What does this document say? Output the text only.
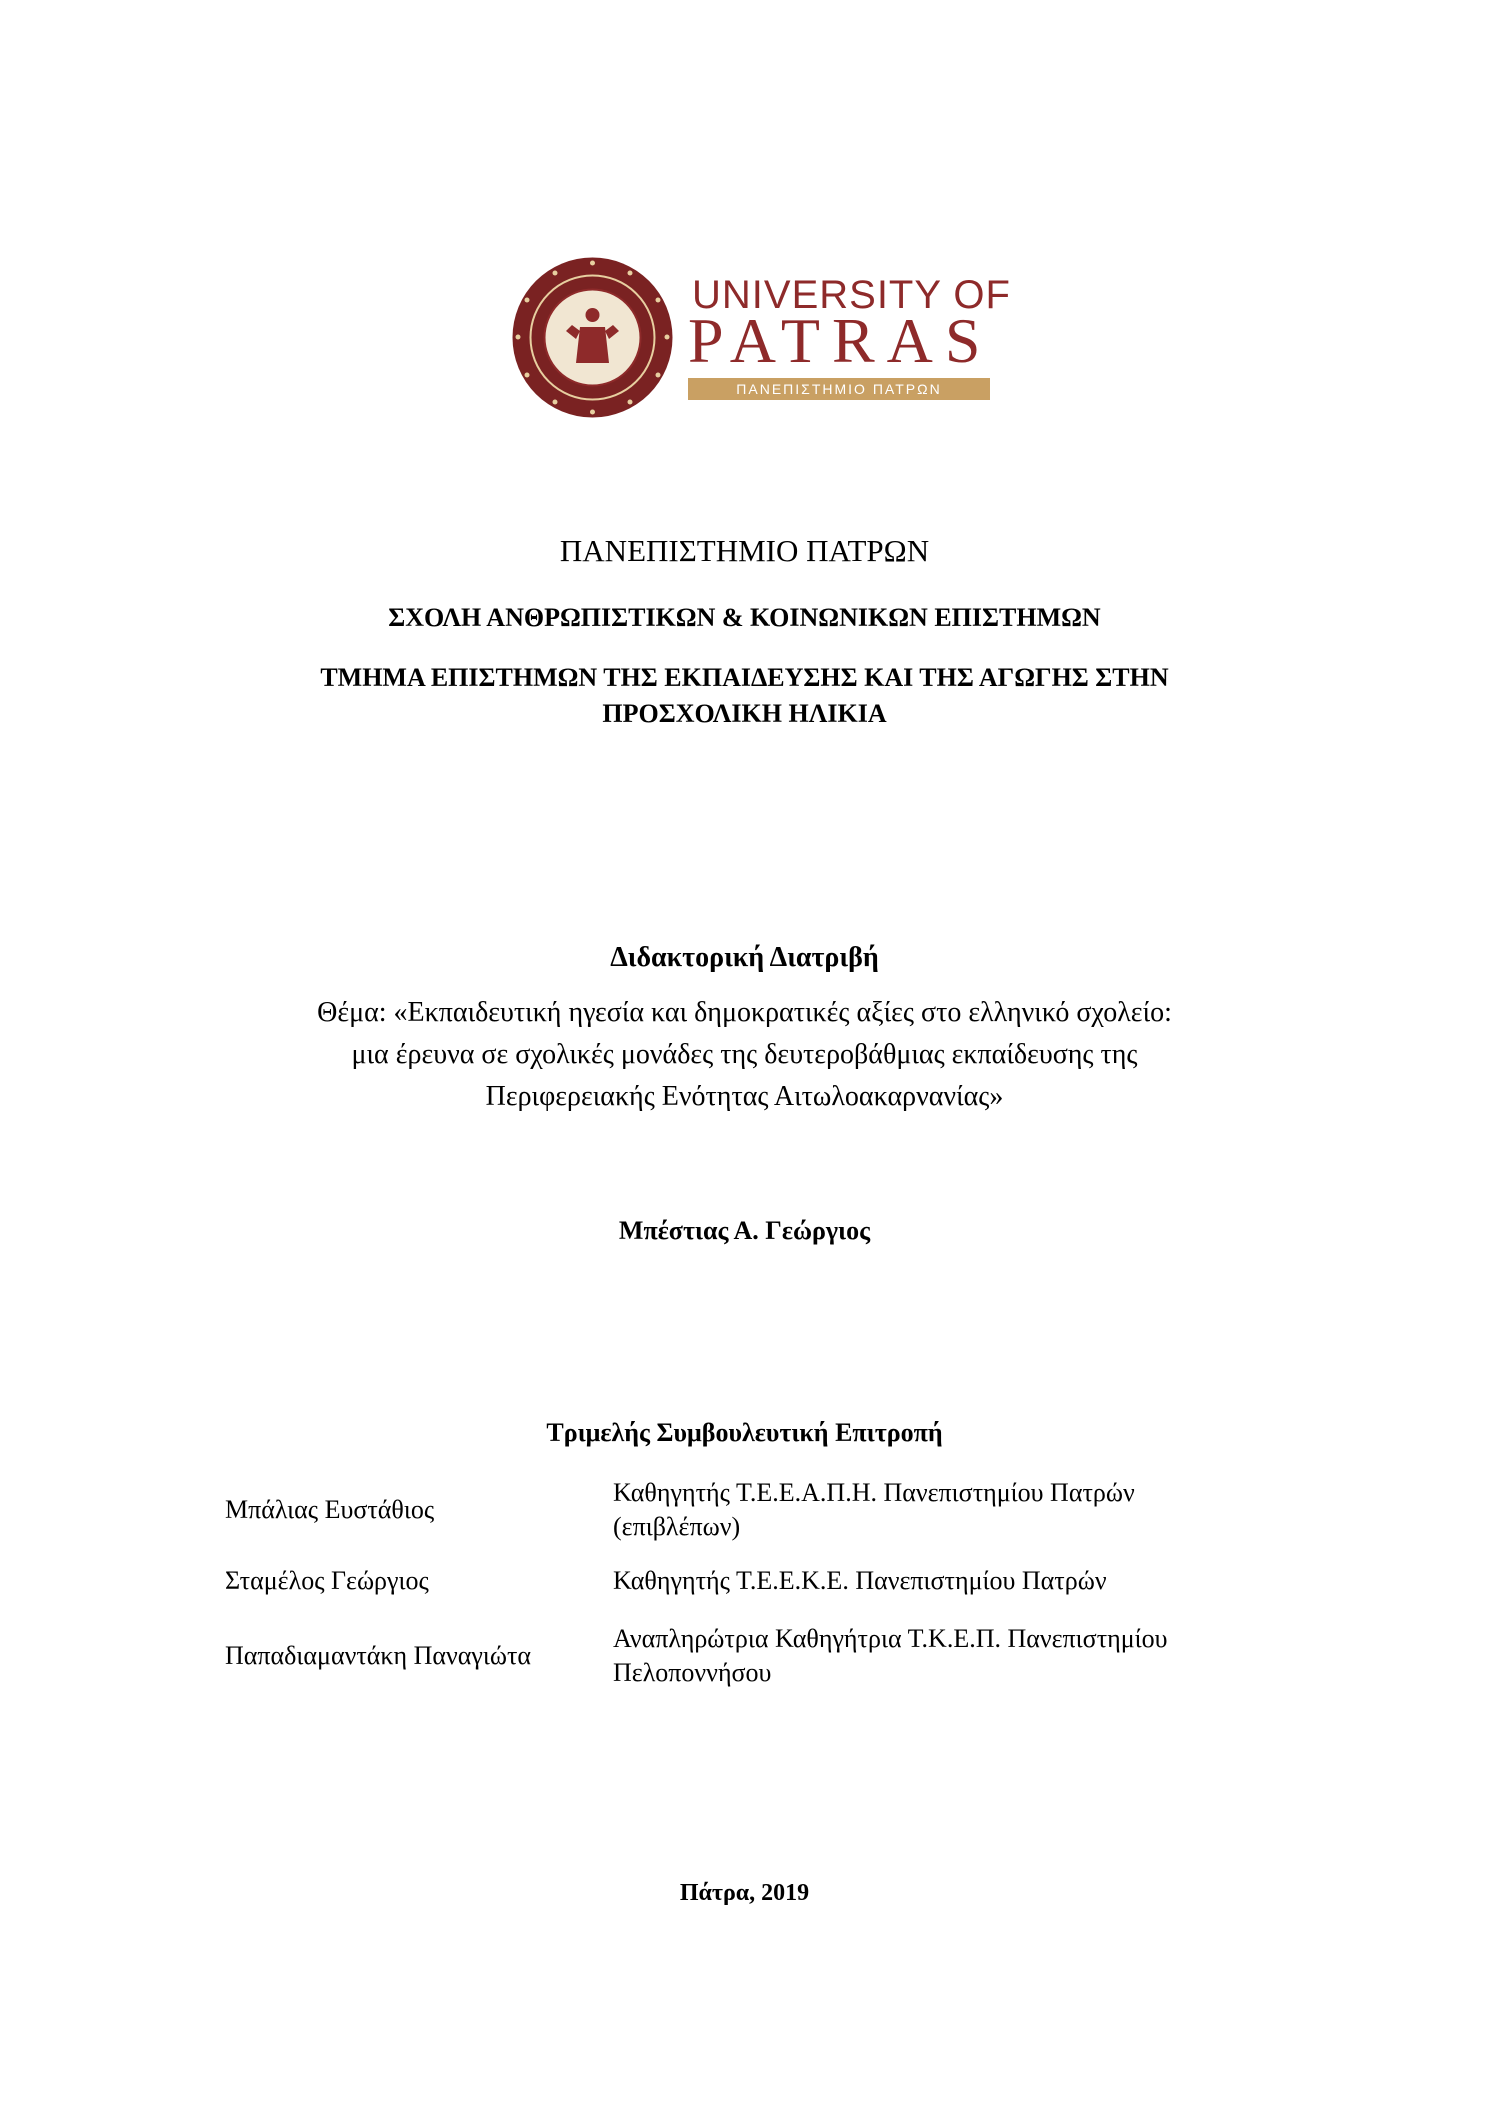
UNIVERSITY OF
PATRAS
ΠΑΝΕΠΙΣΤΗΜΙΟ ΠΑΤΡΩΝ
ΠΑΝΕΠΙΣΤΗΜΙΟ ΠΑΤΡΩΝ
ΣΧΟΛΗ ΑΝΘΡΩΠΙΣΤΙΚΩΝ & ΚΟΙΝΩΝΙΚΩΝ ΕΠΙΣΤΗΜΩΝ
ΤΜΗΜΑ ΕΠΙΣΤΗΜΩΝ ΤΗΣ ΕΚΠΑΙΔΕΥΣΗΣ ΚΑΙ ΤΗΣ ΑΓΩΓΗΣ ΣΤΗΝ
ΠΡΟΣΧΟΛΙΚΗ ΗΛΙΚΙΑ
Διδακτορική Διατριβή
Θέμα: «Εκπαιδευτική ηγεσία και δημοκρατικές αξίες στο ελληνικό σχολείο:
μια έρευνα σε σχολικές μονάδες της δευτεροβάθμιας εκπαίδευσης της
Περιφερειακής Ενότητας Αιτωλοακαρνανίας»
Μπέστιας Α. Γεώργιος
Τριμελής Συμβουλευτική Επιτροπή
Μπάλιας Ευστάθιος
Καθηγητής Τ.Ε.Ε.Α.Π.Η. Πανεπιστημίου Πατρών
(επιβλέπων)
Σταμέλος Γεώργιος	Καθηγητής Τ.Ε.Ε.Κ.Ε. Πανεπιστημίου Πατρών
Παπαδιαμαντάκη Παναγιώτα
Αναπληρώτρια Καθηγήτρια Τ.Κ.Ε.Π. Πανεπιστημίου
Πελοποννήσου
Πάτρα, 2019
